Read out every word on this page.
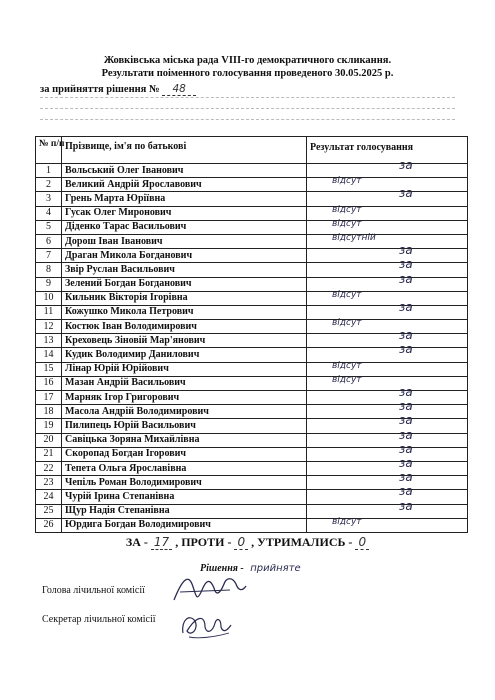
Жовківська міська рада VIII-го демократичного скликання.
Результати поіменного голосування проведеного 30.05.2025 р.
за прийняття рішення № 48
№ п/п	Прізвище, ім'я по батькові	Результат голосування
1	Вольський Олег Іванович	за

2	Великий Андрій Ярославович	відсут

3	Грень Марта Юріївна	за

4	Гусак Олег Миронович	відсут

5	Діденко Тарас Васильович	відсут

6	Дорош Іван Іванович	відсутній

7	Драган Микола Богданович	за

8	Звір Руслан Васильович	за

9	Зелений Богдан Богданович	за

10	Кильник Вікторія Ігорівна	відсут

11	Кожушко Микола Петрович	за

12	Костюк Іван Володимирович	відсут

13	Креховець Зіновій Мар'янович	за

14	Кудик Володимир Данилович	за

15	Лінар Юрій Юрійович	відсут

16	Мазан Андрій Васильович	відсут

17	Марняк Ігор Григорович	за

18	Масола Андрій Володимирович	за

19	Пилипець Юрій Васильович	за

20	Савіцька Зоряна Михайлівна	за

21	Скоропад Богдан Ігорович	за

22	Тепета Ольга Ярославівна	за

23	Чепіль Роман Володимирович	за

24	Чурій Ірина Степанівна	за

25	Щур Надія Степанівна	за

26	Юрдига Богдан Володимирович	відсут
ЗА - 17 , ПРОТИ - 0 , УТРИМАЛИСЬ - 0
Рішення - прийняте
Голова лічильної комісії
Секретар лічильної комісії
